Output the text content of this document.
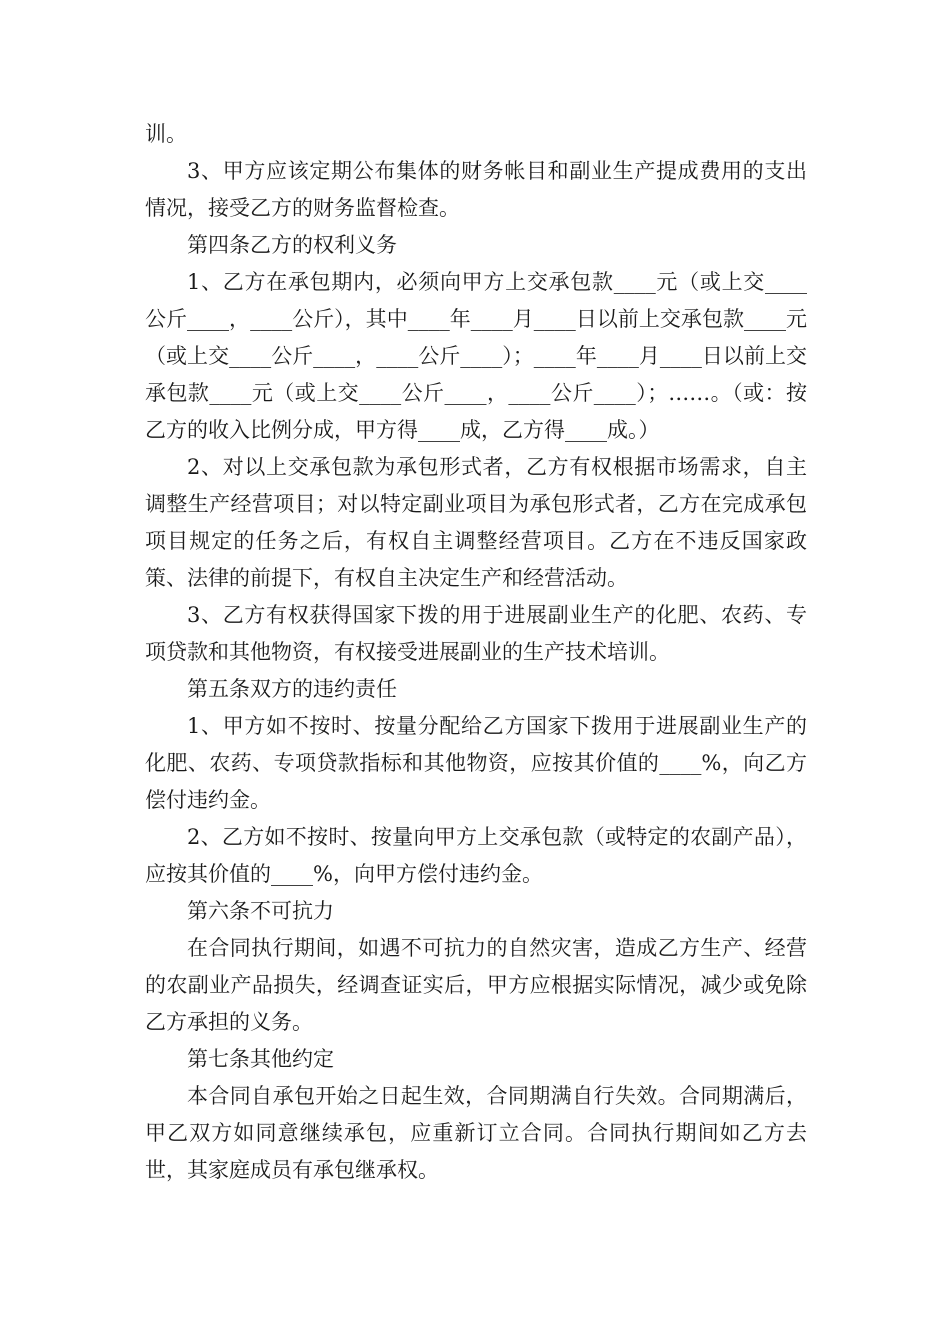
训。

3、甲方应该定期公布集体的财务帐目和副业生产提成费用的支出情况，接受乙方的财务监督检查。

第四条乙方的权利义务

1、乙方在承包期内，必须向甲方上交承包款____元（或上交____公斤____，____公斤），其中____年____月____日以前上交承包款____元（或上交____公斤____，____公斤____）；____年____月____日以前上交承包款____元（或上交____公斤____，____公斤____）；……。（或：按乙方的收入比例分成，甲方得____成，乙方得____成。）

2、对以上交承包款为承包形式者，乙方有权根据市场需求，自主调整生产经营项目；对以特定副业项目为承包形式者，乙方在完成承包项目规定的任务之后，有权自主调整经营项目。乙方在不违反国家政策、法律的前提下，有权自主决定生产和经营活动。

3、乙方有权获得国家下拨的用于进展副业生产的化肥、农药、专项贷款和其他物资，有权接受进展副业的生产技术培训。

第五条双方的违约责任

1、甲方如不按时、按量分配给乙方国家下拨用于进展副业生产的化肥、农药、专项贷款指标和其他物资，应按其价值的____%，向乙方偿付违约金。

2、乙方如不按时、按量向甲方上交承包款（或特定的农副产品），应按其价值的____%，向甲方偿付违约金。

第六条不可抗力

在合同执行期间，如遇不可抗力的自然灾害，造成乙方生产、经营的农副业产品损失，经调查证实后，甲方应根据实际情况，减少或免除乙方承担的义务。

第七条其他约定

本合同自承包开始之日起生效，合同期满自行失效。合同期满后，甲乙双方如同意继续承包，应重新订立合同。合同执行期间如乙方去世，其家庭成员有承包继承权。
